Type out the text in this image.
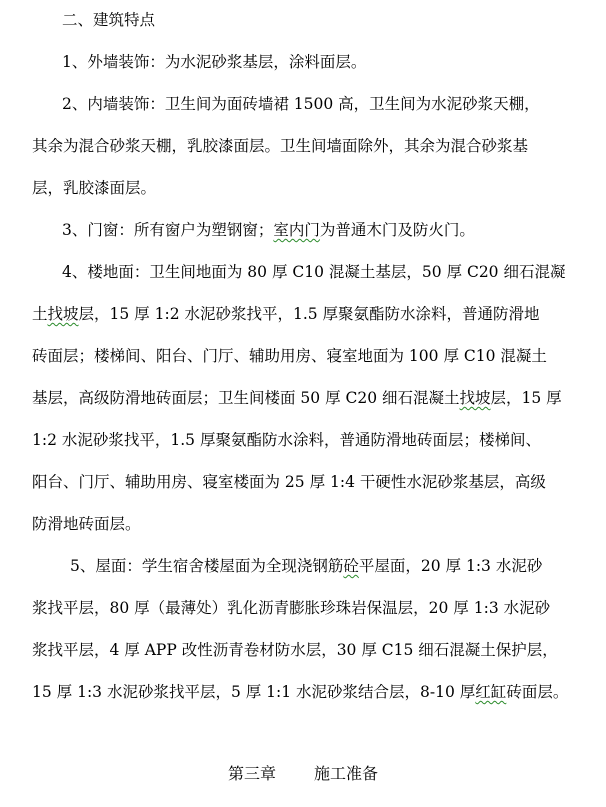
二、建筑特点
1、外墙装饰：为水泥砂浆基层，涂料面层。
2、内墙装饰：卫生间为面砖墙裙 1500 高，卫生间为水泥砂浆天棚，
其余为混合砂浆天棚，乳胶漆面层。卫生间墙面除外，其余为混合砂浆基
层，乳胶漆面层。
3、门窗：所有窗户为塑钢窗；室内门为普通木门及防火门。
4、楼地面：卫生间地面为 80 厚 C10 混凝土基层，50 厚 C20 细石混凝
土找坡层，15 厚 1:2 水泥砂浆找平，1.5 厚聚氨酯防水涂料，普通防滑地
砖面层；楼梯间、阳台、门厅、辅助用房、寝室地面为 100 厚 C10 混凝土
基层，高级防滑地砖面层；卫生间楼面 50 厚 C20 细石混凝土找坡层，15 厚
1:2 水泥砂浆找平，1.5 厚聚氨酯防水涂料，普通防滑地砖面层；楼梯间、
阳台、门厅、辅助用房、寝室楼面为 25 厚 1:4 干硬性水泥砂浆基层，高级
防滑地砖面层。
5、屋面：学生宿舍楼屋面为全现浇钢筋砼平屋面，20 厚 1:3 水泥砂
浆找平层，80 厚（最薄处）乳化沥青膨胀珍珠岩保温层，20 厚 1:3 水泥砂
浆找平层，4 厚 APP 改性沥青卷材防水层，30 厚 C15 细石混凝土保护层，
15 厚 1:3 水泥砂浆找平层，5 厚 1:1 水泥砂浆结合层，8-10 厚红缸砖面层。
第三章 施工准备
